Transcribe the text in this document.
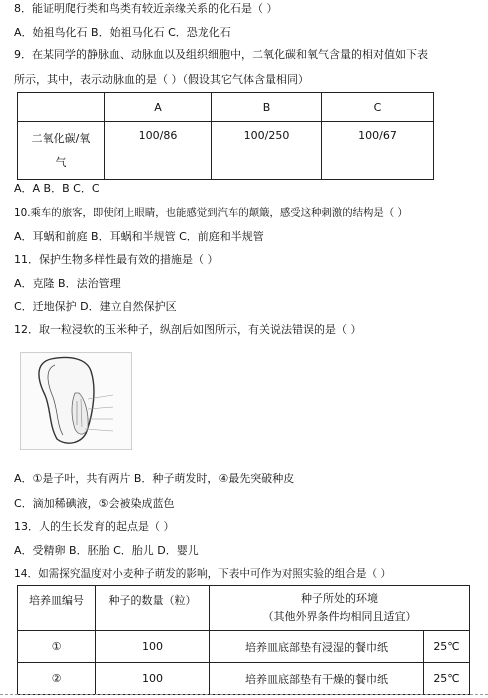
8．能证明爬行类和鸟类有较近亲缘关系的化石是（ ）
A．始祖鸟化石 B．始祖马化石 C．恐龙化石
9．在某同学的静脉血、动脉血以及组织细胞中，二氧化碳和氧气含量的相对值如下表
所示，其中，表示动脉血的是（ ）（假设其它气体含量相同）
	A	B	C

二氧化碳/氧
气	100/86	100/250	100/67
A．A B．B C．C
10.乘车的旅客，即使闭上眼睛，也能感觉到汽车的颠簸，感受这种刺激的结构是（ ）
A．耳蜗和前庭 B．耳蜗和半规管 C．前庭和半规管
11．保护生物多样性最有效的措施是（ ）
A．克隆 B．法治管理
C．迁地保护 D．建立自然保护区
12．取一粒浸软的玉米种子，纵剖后如图所示，有关说法错误的是（ ）
A．①是子叶，共有两片 B．种子萌发时，④最先突破种皮
C．滴加稀碘液，⑤会被染成蓝色
13．人的生长发育的起点是（ ）
A．受精卵 B．胚胎 C．胎儿 D．婴儿
14．如需探究温度对小麦种子萌发的影响，下表中可作为对照实验的组合是（ ）
培养皿编号	种子的数量（粒）	种子所处的环境
（其他外界条件均相同且适宜）	

①	100	培养皿底部垫有浸湿的餐巾纸	25℃
②	100	培养皿底部垫有干燥的餐巾纸	25℃
